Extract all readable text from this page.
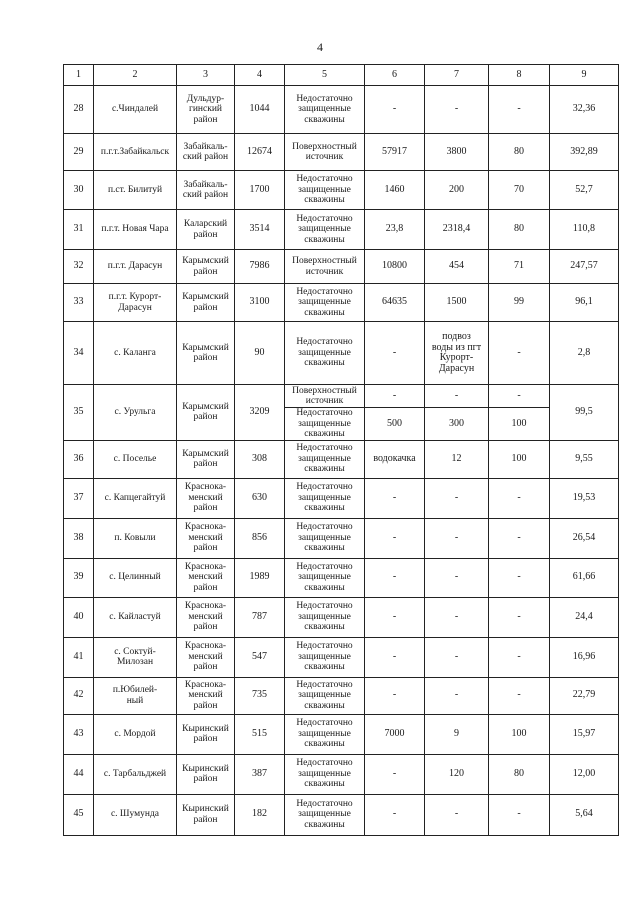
4
1	2	3	4	5	6	7	8	9
28	с.Чиндалей	Дульдур-
гинский
район	1044	Недостаточно
защищенные
скважины	-	-	-	32,36
29	п.г.т.Забайкальск	Забайкаль-
ский район	12674	Поверхностный
источник	57917	3800	80	392,89
30	п.ст. Билитуй	Забайкаль-
ский район	1700	Недостаточно
защищенные
скважины	1460	200	70	52,7
31	п.г.т. Новая Чара	Каларский
район	3514	Недостаточно
защищенные
скважины	23,8	2318,4	80	110,8
32	п.г.т. Дарасун	Карымский
район	7986	Поверхностный
источник	10800	454	71	247,57
33	п.г.т. Курорт-
Дарасун	Карымский
район	3100	Недостаточно
защищенные
скважины	64635	1500	99	96,1
34	с. Каланга	Карымский
район	90	Недостаточно
защищенные
скважины	-	подвоз
воды из пгт
Курорт-
Дарасун	-	2,8
35	с. Урульга	Карымский
район	3209	Поверхностный
источник	-	-	-	99,5
				Недостаточно
защищенные
скважины	500	300	100	
36	с. Поселье	Карымский
район	308	Недостаточно
защищенные
скважины	водокачка	12	100	9,55
37	с. Капцегайтуй	Краснока-
менский
район	630	Недостаточно
защищенные
скважины	-	-	-	19,53
38	п. Ковыли	Краснока-
менский
район	856	Недостаточно
защищенные
скважины	-	-	-	26,54
39	с. Целинный	Краснока-
менский
район	1989	Недостаточно
защищенные
скважины	-	-	-	61,66
40	с. Кайластуй	Краснока-
менский
район	787	Недостаточно
защищенные
скважины	-	-	-	24,4
41	с. Соктуй-
Милозан	Краснока-
менский
район	547	Недостаточно
защищенные
скважины	-	-	-	16,96
42	п.Юбилей-
ный	Краснока-
менский
район	735	Недостаточно
защищенные
скважины	-	-	-	22,79
43	с. Мордой	Кыринский
район	515	Недостаточно
защищенные
скважины	7000	9	100	15,97
44	с. Тарбальджей	Кыринский
район	387	Недостаточно
защищенные
скважины	-	120	80	12,00
45	с. Шумунда	Кыринский
район	182	Недостаточно
защищенные
скважины	-	-	-	5,64
